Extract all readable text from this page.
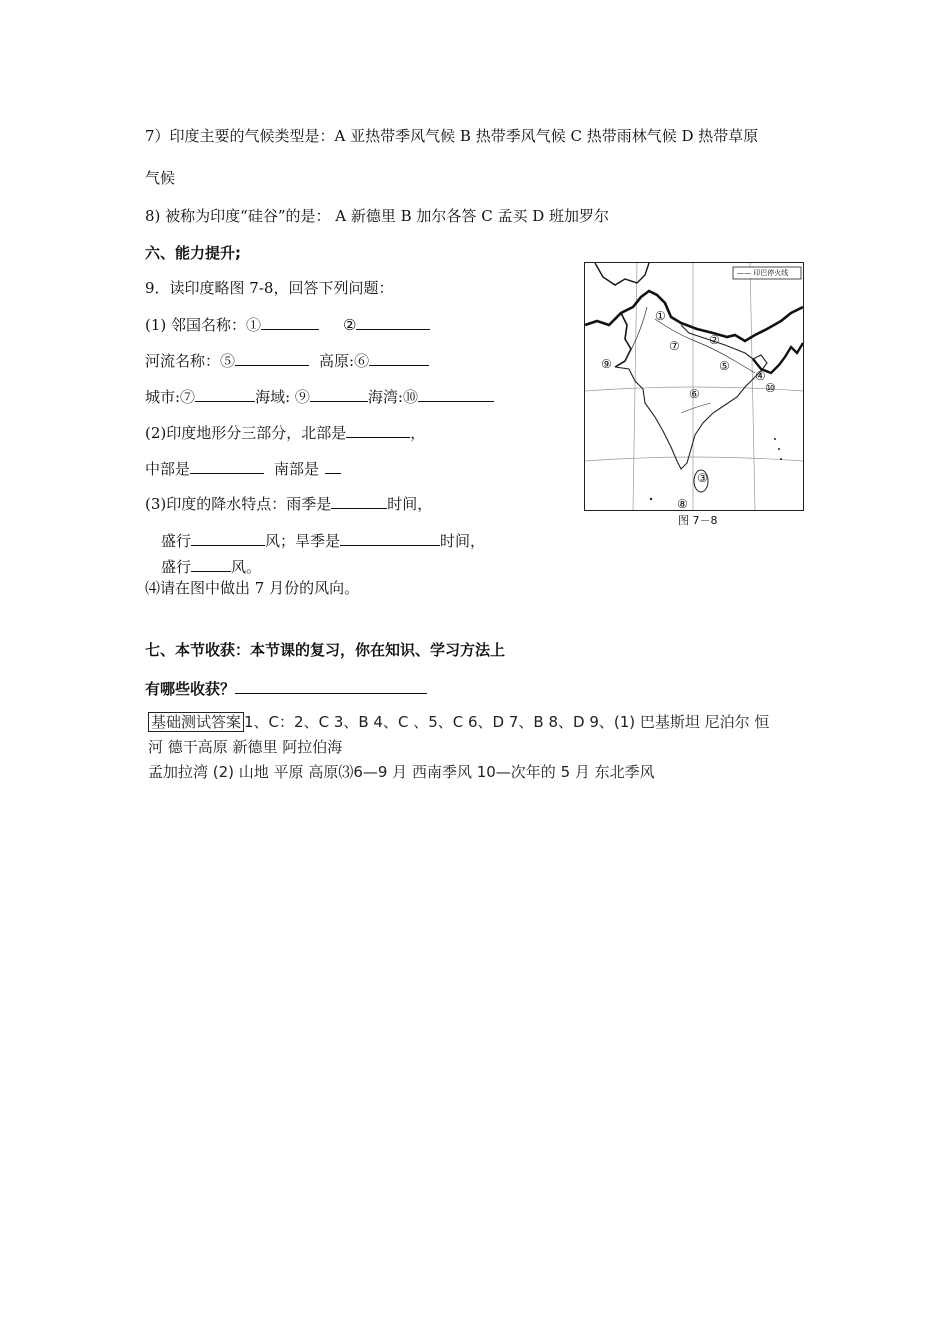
7）印度主要的气候类型是：A 亚热带季风气候 B 热带季风气候 C 热带雨林气候 D 热带草原
气候
8) 被称为印度“硅谷”的是： A 新德里 B 加尔各答 C 孟买 D 班加罗尔
六、能力提升;
9．读印度略图 7-8，回答下列问题：
(1) 邻国名称：①	②
河流名称：⑤	高原:⑥
城市:⑦	海域: ⑨	海湾:⑩
(2)印度地形分三部分，北部是	，
中部是	南部是
(3)印度的降水特点：雨季是	时间，
盛行	风；旱季是	时间，
盛行	风。
⑷请在图中做出 7 月份的风向。
—— 印巴停火线
①
②
③
④
⑤
⑥
⑦
⑧
⑨
⑩
图 7－8
七、本节收获：本节课的复习，你在知识、学习方法上
有哪些收获？
基础测试答案 1、C：2、C 3、B 4、C 、5、C 6、D 7、B 8、D 9、(1) 巴基斯坦 尼泊尔 恒
河 德干高原 新德里 阿拉伯海
孟加拉湾 (2) 山地 平原 高原⑶6—9 月 西南季风 10—次年的 5 月 东北季风
